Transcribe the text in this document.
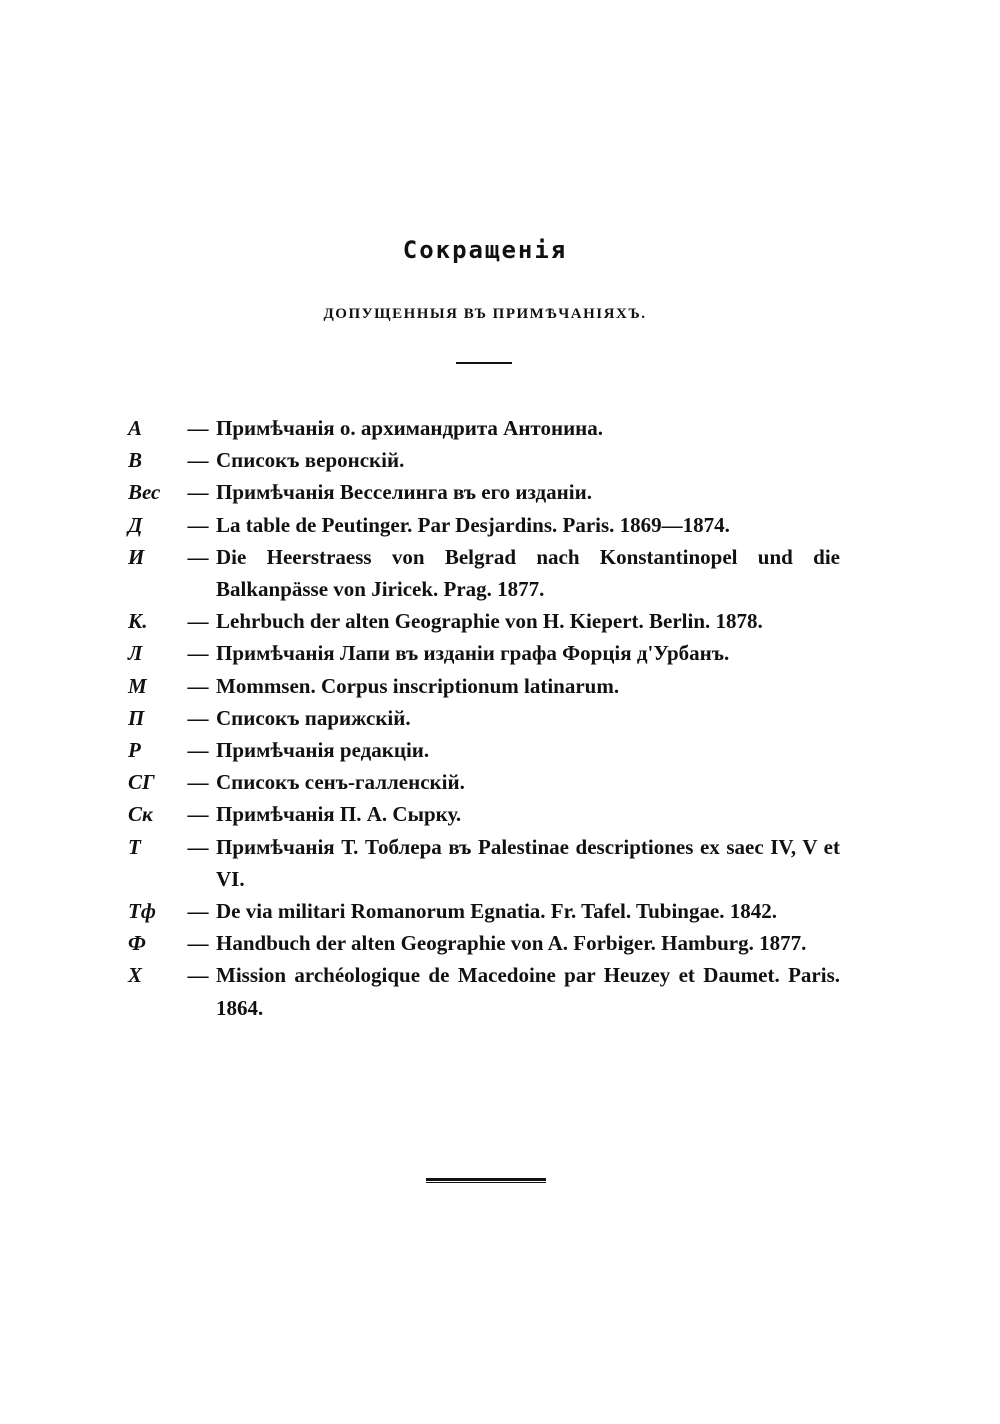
Сокращенія
ДОПУЩЕННЫЯ ВЪ ПРИМѢЧАНІЯХЪ.
А	— Примѣчанія о. архимандрита Антонина.
В	— Списокъ веронскій.
Вес	— Примѣчанія Весселинга въ его изданіи.
Д	— La table de Peutinger. Par Desjardins. Paris. 1869—1874.
И	— Die Heerstraess von Belgrad nach Konstantinopel und die Balkanpässe von Jiricek. Prag. 1877.
К.	— Lehrbuch der alten Geographie von H. Kiepert. Berlin. 1878.
Л	— Примѣчанія Лапи въ изданіи графа Форція д'Урбанъ.
М	— Mommsen. Corpus inscriptionum latinarum.
П	— Списокъ парижскій.
Р	— Примѣчанія редакціи.
СГ	— Списокъ сенъ-галленскій.
Cк	— Примѣчанія П. А. Сырку.
Т	— Примѣчанія Т. Тоблера въ Palestinae descriptiones ex saec IV, V et VI.
Тф	— De via militari Romanorum Egnatia. Fr. Tafel. Tubingae. 1842.
Ф	— Handbuch der alten Geographie von A. Forbiger. Hamburg. 1877.
X	— Mission archéologique de Macedoine par Heuzey et Daumet. Paris. 1864.
